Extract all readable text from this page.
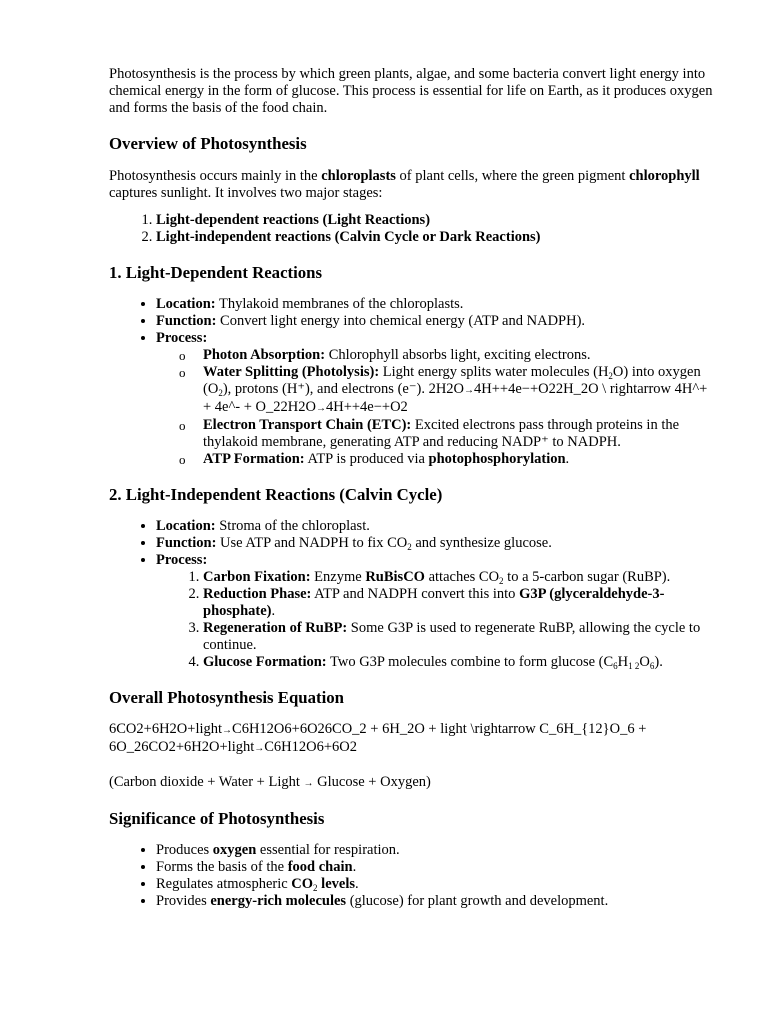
Photosynthesis is the process by which green plants, algae, and some bacteria convert light energy into chemical energy in the form of glucose. This process is essential for life on Earth, as it produces oxygen and forms the basis of the food chain.

Overview of Photosynthesis

Photosynthesis occurs mainly in the chloroplasts of plant cells, where the green pigment chlorophyll captures sunlight. It involves two major stages:

1. Light-dependent reactions (Light Reactions)
2. Light-independent reactions (Calvin Cycle or Dark Reactions)
1. Light-Dependent Reactions
• Location: Thylakoid membranes of the chloroplasts.
• Function: Convert light energy into chemical energy (ATP and NADPH).
• Process:
o Photon Absorption: Chlorophyll absorbs light, exciting electrons.
o Water Splitting (Photolysis): Light energy splits water molecules $(H_2O)$ into oxygen $(O_2)$, protons (H⁺), and electrons (e⁻). 2H2O→4H++4e−+O22H_2O \ rightarrow 4H^+ + 4e^- + O_22H2O→4H++4e−+O2
o Electron Transport Chain (ETC): Excited electrons pass through proteins in the thylakoid membrane, generating ATP and reducing NADP⁺ to NADPH.
o ATP Formation: ATP is produced via photophosphorylation.
2. Light-Independent Reactions (Calvin Cycle)
• Location: Stroma of the chloroplast.
• Function: Use ATP and NADPH to fix $CO_2$ and synthesize glucose.
• Process:
1. Carbon Fixation: Enzyme RuBisCO attaches $CO_2$ to a 5-carbon sugar (RuBP).
2. Reduction Phase: ATP and NADPH convert this into G3P (glyceraldehyde-3-phosphate).
3. Regeneration of RuBP: Some G3P is used to regenerate RuBP, allowing the cycle to continue.
4. Glucose Formation: Two G3P molecules combine to form glucose $(C_6H_{1 2}O_6)$.
Overall Photosynthesis Equation

6CO2+6H2O+light→C6H12O6+6O26CO_2 + 6H_2O + light \rightarrow C_6H_{12}O_6 + 6O_26CO2+6H2O+light→C6H12O6+6O2

(Carbon dioxide + Water + Light → Glucose + Oxygen)

Significance of Photosynthesis
• Produces oxygen essential for respiration.
• Forms the basis of the food chain.
• Regulates atmospheric $CO_2$ levels.
• Provides energy-rich molecules (glucose) for plant growth and development.
